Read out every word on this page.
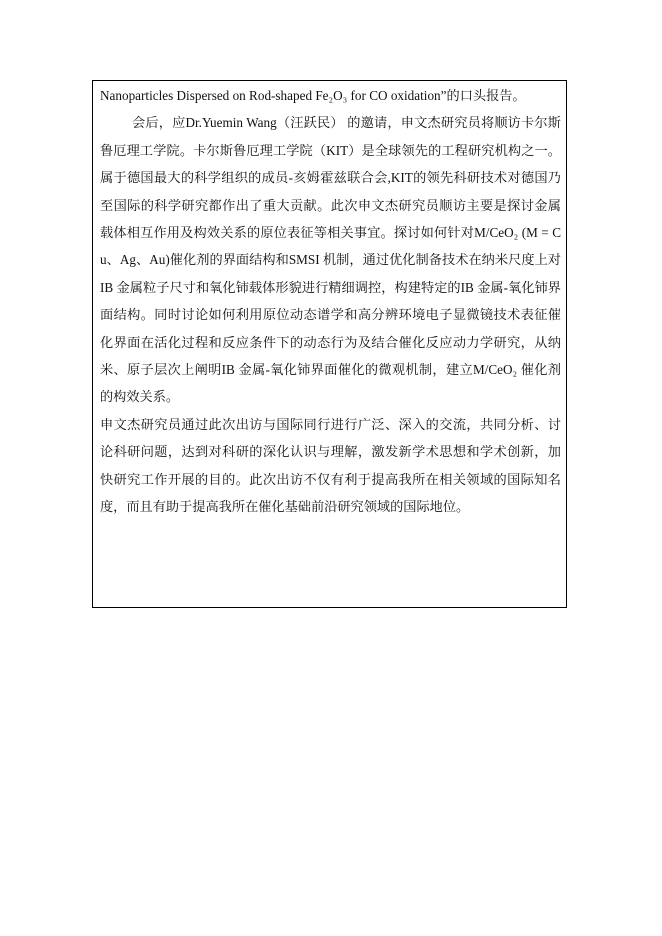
Nanoparticles Dispersed on Rod-shaped Fe₂O₃ for CO oxidation”的口头报告。

会后，应Dr.Yuemin Wang（汪跃民） 的邀请，申文杰研究员将顺访卡尔斯鲁厄理工学院。卡尔斯鲁厄理工学院（KIT）是全球领先的工程研究机构之一。属于德国最大的科学组织的成员-亥姆霍兹联合会,KIT的领先科研技术对德国乃至国际的科学研究都作出了重大贡献。此次申文杰研究员顺访主要是探讨金属载体相互作用及构效关系的原位表征等相关事宜。探讨如何针对M/CeO₂ (M = Cu、Ag、Au)催化剂的界面结构和SMSI 机制，通过优化制备技术在纳米尺度上对IB 金属粒子尺寸和氧化铈载体形貌进行精细调控，构建特定的IB 金属-氧化铈界面结构。同时讨论如何利用原位动态谱学和高分辨环境电子显微镜技术表征催化界面在活化过程和反应条件下的动态行为及结合催化反应动力学研究，从纳米、原子层次上阐明IB 金属-氧化铈界面催化的微观机制，建立M/CeO₂ 催化剂的构效关系。

申文杰研究员通过此次出访与国际同行进行广泛、深入的交流，共同分析、讨论科研问题，达到对科研的深化认识与理解，激发新学术思想和学术创新，加快研究工作开展的目的。此次出访不仅有利于提高我所在相关领域的国际知名度，而且有助于提高我所在催化基础前沿研究领域的国际地位。
